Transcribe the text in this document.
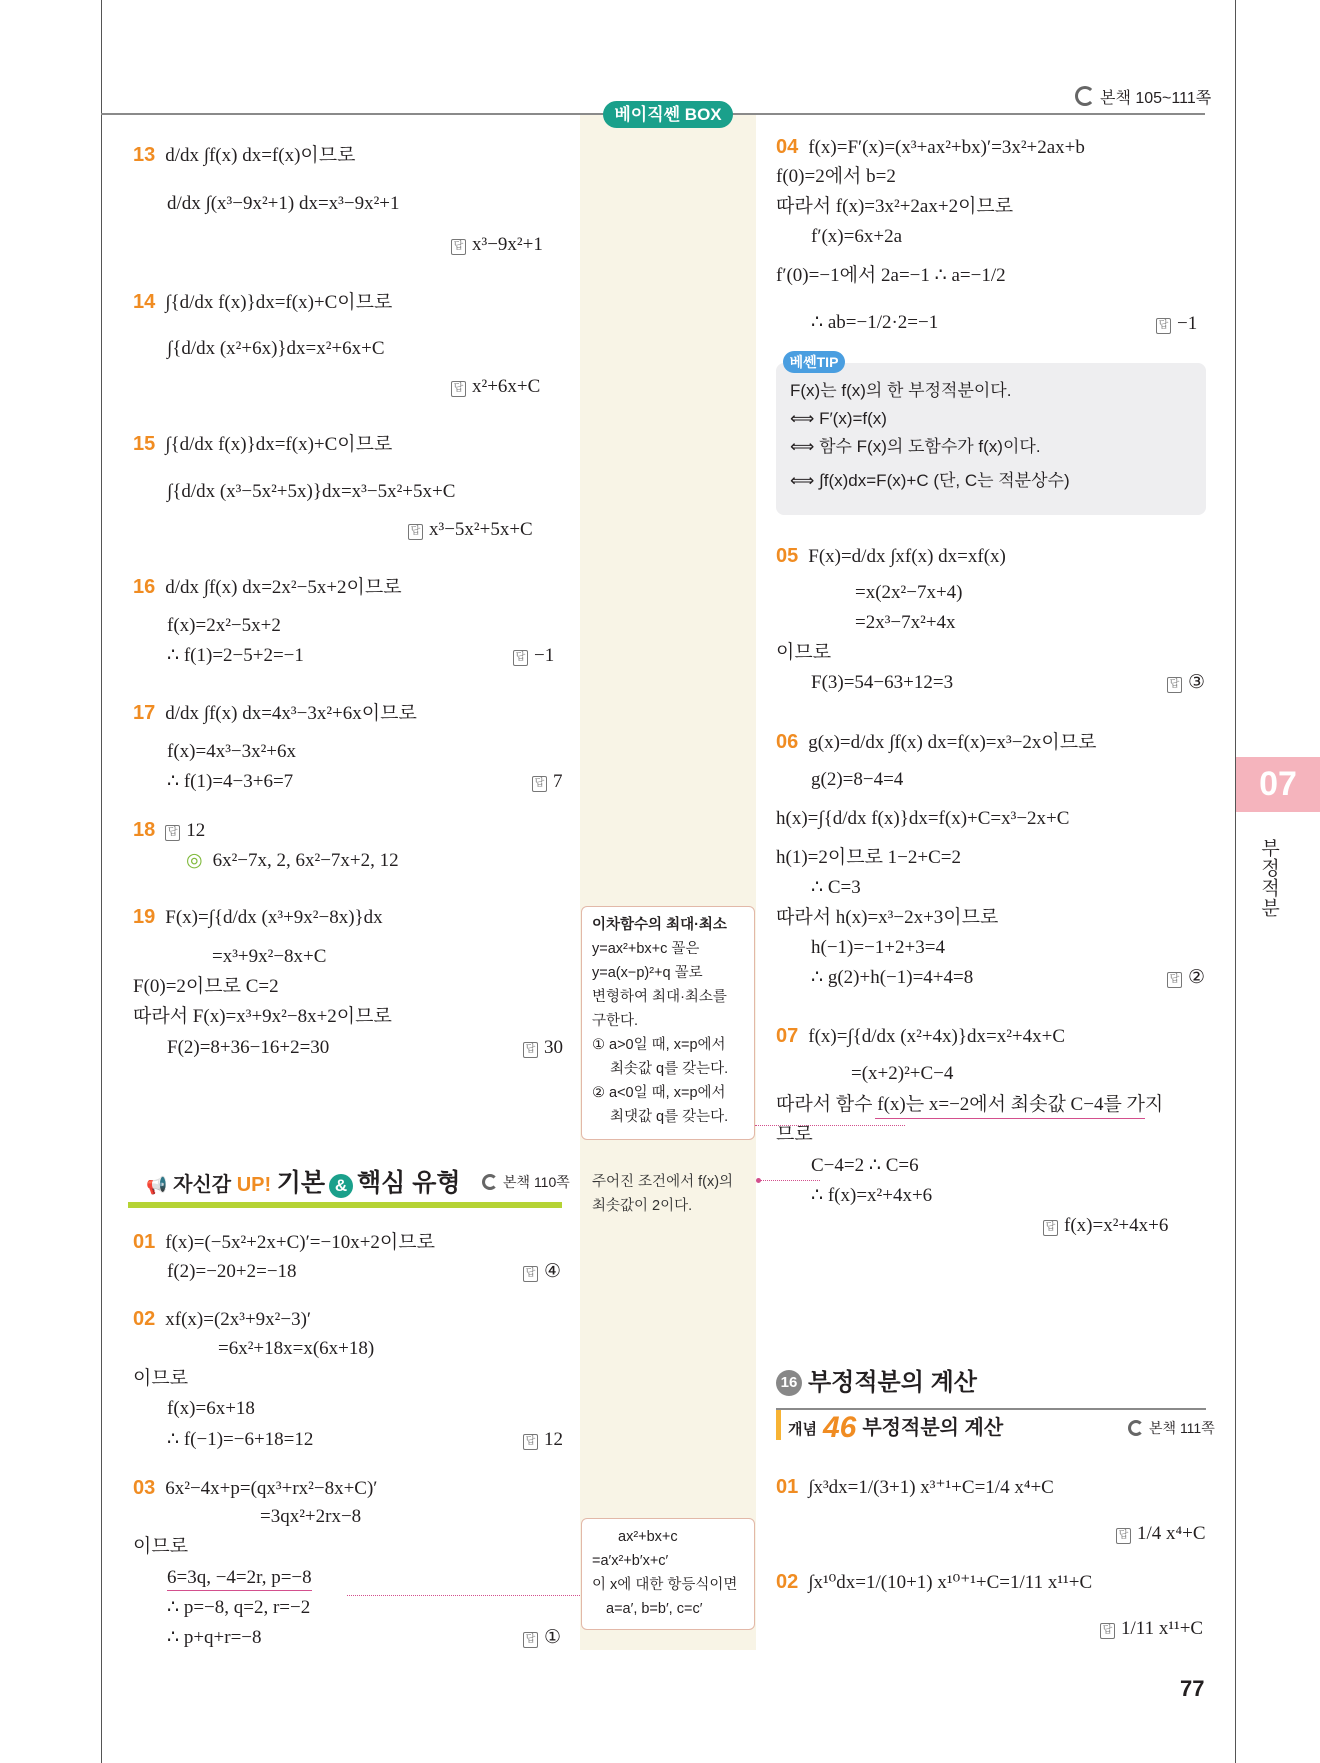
베이직쎈 BOX
본책 105~111쪽
13 d/dx ∫f(x) dx=f(x)이므로
d/dx ∫(x³−9x²+1) dx=x³−9x²+1
답x³−9x²+1
14 ∫{d/dx f(x)}dx=f(x)+C이므로
∫{d/dx (x²+6x)}dx=x²+6x+C
답x²+6x+C
15 ∫{d/dx f(x)}dx=f(x)+C이므로
∫{d/dx (x³−5x²+5x)}dx=x³−5x²+5x+C
답x³−5x²+5x+C
16 d/dx ∫f(x) dx=2x²−5x+2이므로
f(x)=2x²−5x+2
∴ f(1)=2−5+2=−1 답	−1
17 d/dx ∫f(x) dx=4x³−3x²+6x이므로
f(x)=4x³−3x²+6x
∴ f(1)=4−3+6=7 답	7
18 답 12
◎ 6x²−7x, 2, 6x²−7x+2, 12
19 F(x)=∫{d/dx (x³+9x²−8x)}dx
=x³+9x²−8x+C
F(0)=2이므로 C=2
따라서 F(x)=x³+9x²−8x+2이므로
F(2)=8+36−16+2=30 답	30
📢 자신감 UP! 기본 & 핵심 유형	본책 110쪽
01 f(x)=(−5x²+2x+C)′=−10x+2이므로
f(2)=−20+2=−18 답	④
02 xf(x)=(2x³+9x²−3)′
=6x²+18x=x(6x+18)
이므로
f(x)=6x+18
∴ f(−1)=−6+18=12 답	12
03 6x²−4x+p=(qx³+rx²−8x+C)′
=3qx²+2rx−8
이므로
6=3q, −4=2r, p=−8
∴ p=−8, q=2, r=−2
∴ p+q+r=−8 답	①
이차함수의 최대·최소
y=ax²+bx+c 꼴은
y=a(x−p)²+q 꼴로
변형하여 최대·최소를
구한다.
① a>0일 때, x=p에서
최솟값 q를 갖는다.
② a<0일 때, x=p에서
최댓값 q를 갖는다.
주어진 조건에서 f(x)의
최솟값이 2이다.
ax²+bx+c
=a′x²+b′x+c′
이 x에 대한 항등식이면
a=a′, b=b′, c=c′
04 f(x)=F′(x)=(x³+ax²+bx)′=3x²+2ax+b
f(0)=2에서 b=2
따라서 f(x)=3x²+2ax+2이므로
f′(x)=6x+2a
f′(0)=−1에서 2a=−1 ∴ a=−1/2
∴ ab=−1/2·2=−1 답	−1
베쎈TIP
F(x)는 f(x)의 한 부정적분이다.
⟺ F′(x)=f(x)
⟺ 함수 F(x)의 도함수가 f(x)이다.
⟺ ∫f(x)dx=F(x)+C (단, C는 적분상수)
05 F(x)=d/dx ∫xf(x) dx=xf(x)
=x(2x²−7x+4)
=2x³−7x²+4x
이므로
F(3)=54−63+12=3 답	③
06 g(x)=d/dx ∫f(x) dx=f(x)=x³−2x이므로
g(2)=8−4=4
h(x)=∫{d/dx f(x)}dx=f(x)+C=x³−2x+C
h(1)=2이므로 1−2+C=2
∴ C=3
따라서 h(x)=x³−2x+3이므로
h(−1)=−1+2+3=4
∴ g(2)+h(−1)=4+4=8 답	②
07 f(x)=∫{d/dx (x²+4x)}dx=x²+4x+C
=(x+2)²+C−4
따라서 함수 f(x)는 x=−2에서 최솟값 C−4를 가지
므로
C−4=2 ∴ C=6
∴ f(x)=x²+4x+6
답f(x)=x²+4x+6
16 부정적분의 계산
개념 46 부정적분의 계산	본책 111쪽
01 ∫x³dx=1/(3+1) x³⁺¹+C=1/4 x⁴+C
답1/4 x⁴+C
02 ∫x¹⁰dx=1/(10+1) x¹⁰⁺¹+C=1/11 x¹¹+C
답1/11 x¹¹+C
07
부정적분
77
